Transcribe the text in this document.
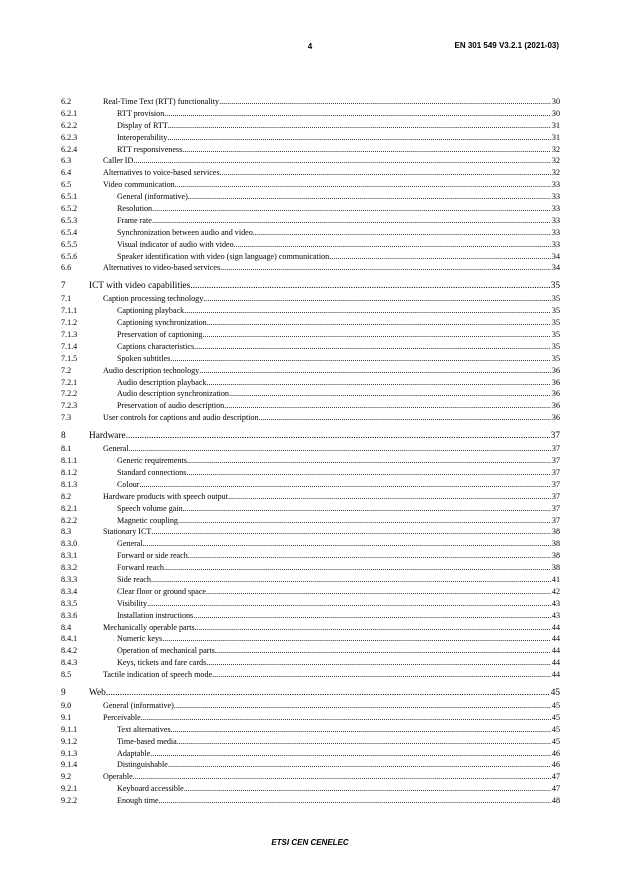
4	EN 301 549 V3.2.1 (2021-03)
6.2	Real-Time Text (RTT) functionality .....	30
6.2.1	RTT provision .....	30
6.2.2	Display of RTT .....	31
6.2.3	Interoperability .....	31
6.2.4	RTT responsiveness .....	32
6.3	Caller ID .....	32
6.4	Alternatives to voice-based services .....	32
6.5	Video communication .....	33
6.5.1	General (informative) .....	33
6.5.2	Resolution .....	33
6.5.3	Frame rate .....	33
6.5.4	Synchronization between audio and video .....	33
6.5.5	Visual indicator of audio with video .....	33
6.5.6	Speaker identification with video (sign language) communication .....	34
6.6	Alternatives to video-based services .....	34
7	ICT with video capabilities .....	35
7.1	Caption processing technology .....	35
7.1.1	Captioning playback .....	35
7.1.2	Captioning synchronization .....	35
7.1.3	Preservation of captioning .....	35
7.1.4	Captions characteristics .....	35
7.1.5	Spoken subtitles .....	35
7.2	Audio description technology .....	36
7.2.1	Audio description playback .....	36
7.2.2	Audio description synchronization .....	36
7.2.3	Preservation of audio description .....	36
7.3	User controls for captions and audio description .....	36
8	Hardware .....	37
8.1	General .....	37
8.1.1	Generic requirements .....	37
8.1.2	Standard connections .....	37
8.1.3	Colour .....	37
8.2	Hardware products with speech output .....	37
8.2.1	Speech volume gain .....	37
8.2.2	Magnetic coupling .....	37
8.3	Stationary ICT .....	38
8.3.0	General .....	38
8.3.1	Forward or side reach .....	38
8.3.2	Forward reach .....	38
8.3.3	Side reach .....	41
8.3.4	Clear floor or ground space .....	42
8.3.5	Visibility .....	43
8.3.6	Installation instructions .....	43
8.4	Mechanically operable parts .....	44
8.4.1	Numeric keys .....	44
8.4.2	Operation of mechanical parts .....	44
8.4.3	Keys, tickets and fare cards .....	44
8.5	Tactile indication of speech mode .....	44
9	Web .....	45
9.0	General (informative) .....	45
9.1	Perceivable .....	45
9.1.1	Text alternatives .....	45
9.1.2	Time-based media .....	45
9.1.3	Adaptable .....	46
9.1.4	Distinguishable .....	46
9.2	Operable .....	47
9.2.1	Keyboard accessible .....	47
9.2.2	Enough time .....	48
ETSI CEN CENELEC
